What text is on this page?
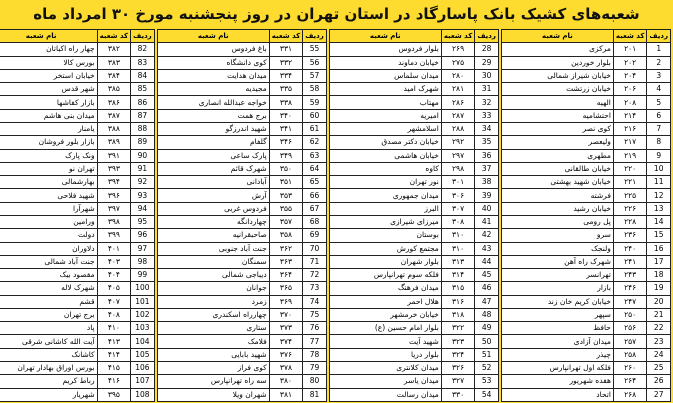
شعبه‌های کشیک بانک پاسارگاد در استان تهران در روز پنجشنبه مورخ ۳۰ امرداد ماه
ردیف	کد شعبه	نام شعبه
1	۲۰۱	مرکزی
2	۲۰۲	بلوار خوردین
3	۲۰۴	خیابان شیراز شمالی
4	۲۰۶	خیابان زرتشت
5	۲۰۸	الهیه
6	۲۱۴	احتشامیه
7	۲۱۶	کوی نصر
8	۲۱۷	ولیعصر
9	۲۱۹	مطهری
10	۲۲۰	خیابان طالقانی
11	۲۲۱	خیابان شهید بهشتی
12	۲۲۵	فرشته
13	۲۲۶	خیابان رشید
14	۲۲۸	پل رومی
15	۲۳۶	سرو
16	۲۴۰	ولنجک
17	۲۴۱	شهرک راه آهن
18	۲۴۳	تهرانسر
19	۲۴۶	بازار
20	۲۴۷	خیابان کریم خان زند
21	۲۵۰	سپهر
22	۲۵۶	حافظ
23	۲۵۷	میدان آزادی
24	۲۵۸	چیذر
25	۲۶۰	فلکه اول تهرانپارس
26	۲۶۴	هفده شهریور
27	۲۶۸	اتحاد
ردیف	کد شعبه	نام شعبه
28	۲۶۹	بلوار فردوس
29	۲۷۵	خیابان دماوند
30	۲۸۰	میدان سلماس
31	۲۸۱	شهرک امید
32	۲۸۶	مهتاب
33	۲۸۷	امیریه
34	۲۸۸	اسلامشهر
35	۲۹۲	خیابان دکتر مصدق
36	۲۹۷	خیابان هاشمی
37	۲۹۸	کاوه
38	۳۰۱	نور تهران
39	۳۰۶	میدان جمهوری
40	۳۰۷	البرز
41	۳۰۸	میرزای شیرازی
42	۳۱۰	بوستان
43	۳۱۰	مجتمع کورش
44	۳۱۳	بلوار شهران
45	۳۱۴	فلکه سوم تهرانپارس
46	۳۱۵	میدان فرهنگ
47	۳۱۶	هلال احمر
48	۳۱۸	خیابان خرمشهر
49	۳۲۲	بلوار امام حسین (ع)
50	۳۲۳	شهید آیت
51	۳۲۴	بلوار دریا
52	۳۲۶	میدان کلانتری
53	۳۲۷	میدان یاسر
54	۳۳۰	میدان رسالت
ردیف	کد شعبه	نام شعبه
55	۳۳۱	باغ فردوس
56	۳۳۲	کوی دانشگاه
57	۳۳۴	میدان هدایت
58	۳۳۵	مجیدیه
59	۳۳۸	خواجه عبدالله انصاری
60	۳۴۰	برج همت
61	۳۴۱	شهید اندرزگو
62	۳۴۶	گلفام
63	۳۴۹	پارک ساعی
64	۳۵۰	شهرک قائم
65	۳۵۱	آبادانی
66	۳۵۳	آرش
67	۳۵۵	فردوس غربی
68	۳۵۷	چهاردانگه
69	۳۵۸	صاحبقرانیه
70	۳۶۲	جنت آباد جنوبی
71	۳۶۳	سمنگان
72	۳۶۴	دیباجی شمالی
73	۳۶۵	جوانان
74	۳۶۹	زمرد
75	۳۷۰	چهارراه اسکندری
76	۳۷۳	ستاری
77	۳۷۴	فلامک
78	۳۷۶	شهید بابایی
79	۳۷۸	کوی فراز
80	۳۸۰	سه راه تهرانپارس
81	۳۸۱	شهران ویلا
ردیف	کد شعبه	نام شعبه
82	۳۸۲	چهار راه اکباتان
83	۳۸۳	بورس کالا
84	۳۸۴	خیابان استخر
85	۳۸۵	شهر قدس
86	۳۸۶	بازار کفاشها
87	۳۸۷	میدان بنی هاشم
88	۳۸۸	یامنار
89	۳۸۹	بازار بلور فروشان
90	۳۹۱	ونک پارک
91	۳۹۳	تهران نو
92	۳۹۴	بهارشمالی
93	۳۹۶	شهید فلاحی
94	۳۹۷	شهرآرا
95	۳۹۸	ورامین
96	۳۹۹	دولت
97	۴۰۱	دلاوران
98	۴۰۳	جنت آباد شمالی
99	۴۰۴	مقصود بیک
100	۴۰۵	شهرک لاله
101	۴۰۷	قشم
102	۴۰۸	برج تهران
103	۴۱۰	پاد
104	۴۱۳	آیت الله کاشانی شرقی
105	۴۱۴	کاشانک
106	۴۱۵	بورس اوراق بهادار تهران
107	۴۱۶	رباط کریم
108	۳۹۵	شهریار
